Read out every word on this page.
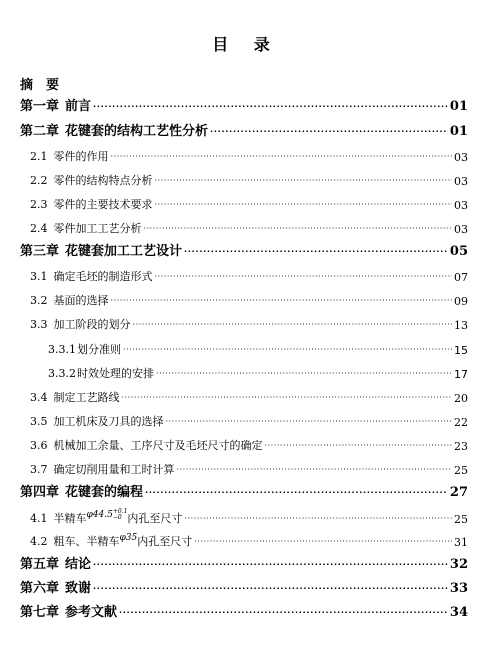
目 录
摘　要
第一章 前言 · · ·	01
第二章 花键套的结构工艺性分析 · · ·	01
2.1 零件的作用 · · ·	03
2.2 零件的结构特点分析 · · ·	03
2.3 零件的主要技术要求 · · ·	03
2.4 零件加工工艺分析 · · ·	03
第三章 花键套加工工艺设计 · · ·	05
3.1 确定毛坯的制造形式 · · ·	07
3.2 基面的选择 · · ·	09
3.3 加工阶段的划分 · · ·	13
3.3.1划分准则 · · ·	15
3.3.2时效处理的安排 · · ·	17
3.4 制定工艺路线 · · ·	20
3.5 加工机床及刀具的选择 · · ·	22
3.6 机械加工余量、工序尺寸及毛坯尺寸的确定 · · ·	23
3.7 确定切削用量和工时计算 · · ·	25
第四章 花键套的编程 · · ·	27
4.1 半精车$^{\varphi 44.5 +0.1 -0}$ 内孔至尺寸 · · ·	25
4.2 粗车、半精车$^{\varphi 35}$内孔至尺寸 · · ·	31
第五章 结论 · · ·	32
第六章 致谢 · · ·	33
第七章 参考文献 · · ·	34
